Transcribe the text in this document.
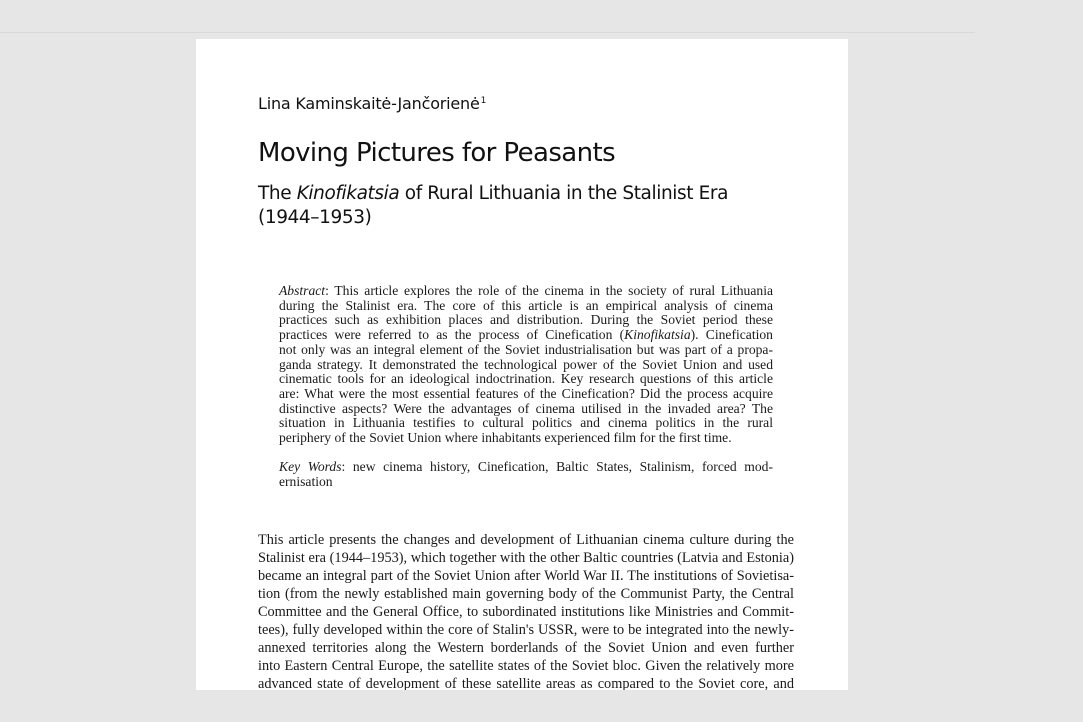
Lina Kaminskaitė-Jančorienė$^1$
Moving Pictures for Peasants
The Kinofikatsia of Rural Lithuania in the Stalinist Era
(1944–1953)
Abstract: This article explores the role of the cinema in the society of rural Lithuania
during the Stalinist era. The core of this article is an empirical analysis of cinema
practices such as exhibition places and distribution. During the Soviet period these
practices were referred to as the process of Cinefication (Kinofikatsia). Cinefication
not only was an integral element of the Soviet industrialisation but was part of a propa-
ganda strategy. It demonstrated the technological power of the Soviet Union and used
cinematic tools for an ideological indoctrination. Key research questions of this article
are: What were the most essential features of the Cinefication? Did the process acquire
distinctive aspects? Were the advantages of cinema utilised in the invaded area? The
situation in Lithuania testifies to cultural politics and cinema politics in the rural
periphery of the Soviet Union where inhabitants experienced film for the first time.
Key Words: new cinema history, Cinefication, Baltic States, Stalinism, forced mod-
ernisation
This article presents the changes and development of Lithuanian cinema culture during the
Stalinist era (1944–1953), which together with the other Baltic countries (Latvia and Estonia)
became an integral part of the Soviet Union after World War II. The institutions of Sovietisa-
tion (from the newly established main governing body of the Communist Party, the Central
Committee and the General Office, to subordinated institutions like Ministries and Commit-
tees), fully developed within the core of Stalin's USSR, were to be integrated into the newly-
annexed territories along the Western borderlands of the Soviet Union and even further
into Eastern Central Europe, the satellite states of the Soviet bloc. Given the relatively more
advanced state of development of these satellite areas as compared to the Soviet core, and
